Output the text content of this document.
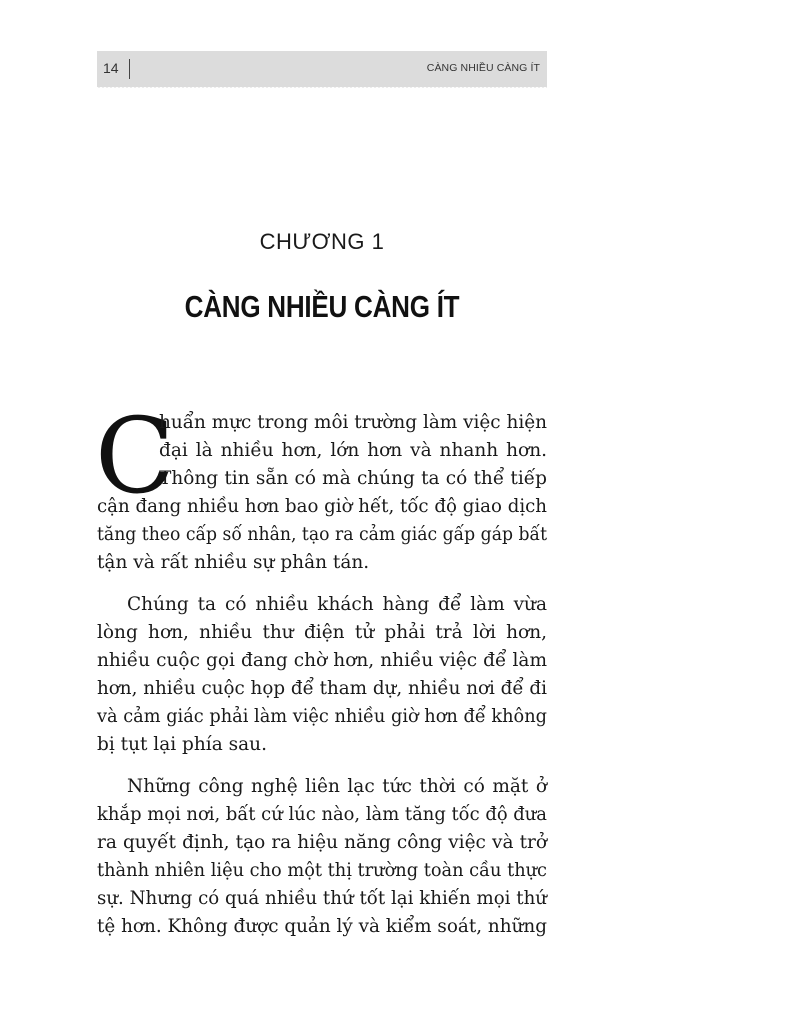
14	CÀNG NHIỀU CÀNG ÍT
CHƯƠNG 1
CÀNG NHIỀU CÀNG ÍT
C
huẩn mực trong môi trường làm việc hiện
đại là nhiều hơn, lớn hơn và nhanh hơn.
Thông tin sẵn có mà chúng ta có thể tiếp
cận đang nhiều hơn bao giờ hết, tốc độ giao dịch
tăng theo cấp số nhân, tạo ra cảm giác gấp gáp bất
tận và rất nhiều sự phân tán.
Chúng ta có nhiều khách hàng để làm vừa
lòng hơn, nhiều thư điện tử phải trả lời hơn,
nhiều cuộc gọi đang chờ hơn, nhiều việc để làm
hơn, nhiều cuộc họp để tham dự, nhiều nơi để đi
và cảm giác phải làm việc nhiều giờ hơn để không
bị tụt lại phía sau.
Những công nghệ liên lạc tức thời có mặt ở
khắp mọi nơi, bất cứ lúc nào, làm tăng tốc độ đưa
ra quyết định, tạo ra hiệu năng công việc và trở
thành nhiên liệu cho một thị trường toàn cầu thực
sự. Nhưng có quá nhiều thứ tốt lại khiến mọi thứ
tệ hơn. Không được quản lý và kiểm soát, những
